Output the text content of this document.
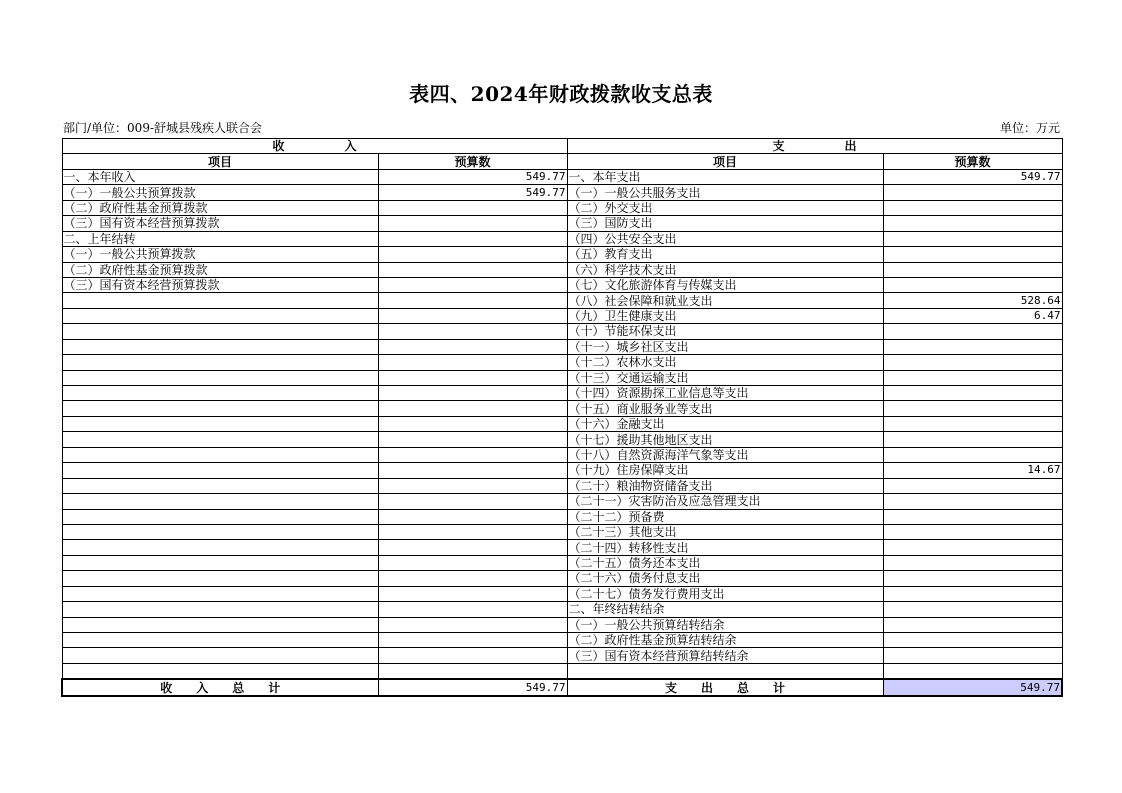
表四、2024年财政拨款收支总表
部门/单位：009-舒城县残疾人联合会	单位：万元
收　　　　　入		支　　　　　出	
项目	预算数	项目	预算数
一、本年收入	549.77	一、本年支出	549.77
（一）一般公共预算拨款	549.77	（一）一般公共服务支出	
（二）政府性基金预算拨款		（二）外交支出	
（三）国有资本经营预算拨款		（三）国防支出	
二、上年结转		（四）公共安全支出	
（一）一般公共预算拨款		（五）教育支出	
（二）政府性基金预算拨款		（六）科学技术支出	
（三）国有资本经营预算拨款		（七）文化旅游体育与传媒支出	
		（八）社会保障和就业支出	528.64
		（九）卫生健康支出	6.47
		（十）节能环保支出	
		（十一）城乡社区支出	
		（十二）农林水支出	
		（十三）交通运输支出	
		（十四）资源勘探工业信息等支出	
		（十五）商业服务业等支出	
		（十六）金融支出	
		（十七）援助其他地区支出	
		（十八）自然资源海洋气象等支出	
		（十九）住房保障支出	14.67
		（二十）粮油物资储备支出	
		（二十一）灾害防治及应急管理支出	
		（二十二）预备费	
		（二十三）其他支出	
		（二十四）转移性支出	
		（二十五）债务还本支出	
		（二十六）债务付息支出	
		（二十七）债务发行费用支出	
		二、年终结转结余	
		（一）一般公共预算结转结余	
		（二）政府性基金预算结转结余	
		（三）国有资本经营预算结转结余	

收　　入　　总　　计	549.77	支　　出　　总　　计	549.77
